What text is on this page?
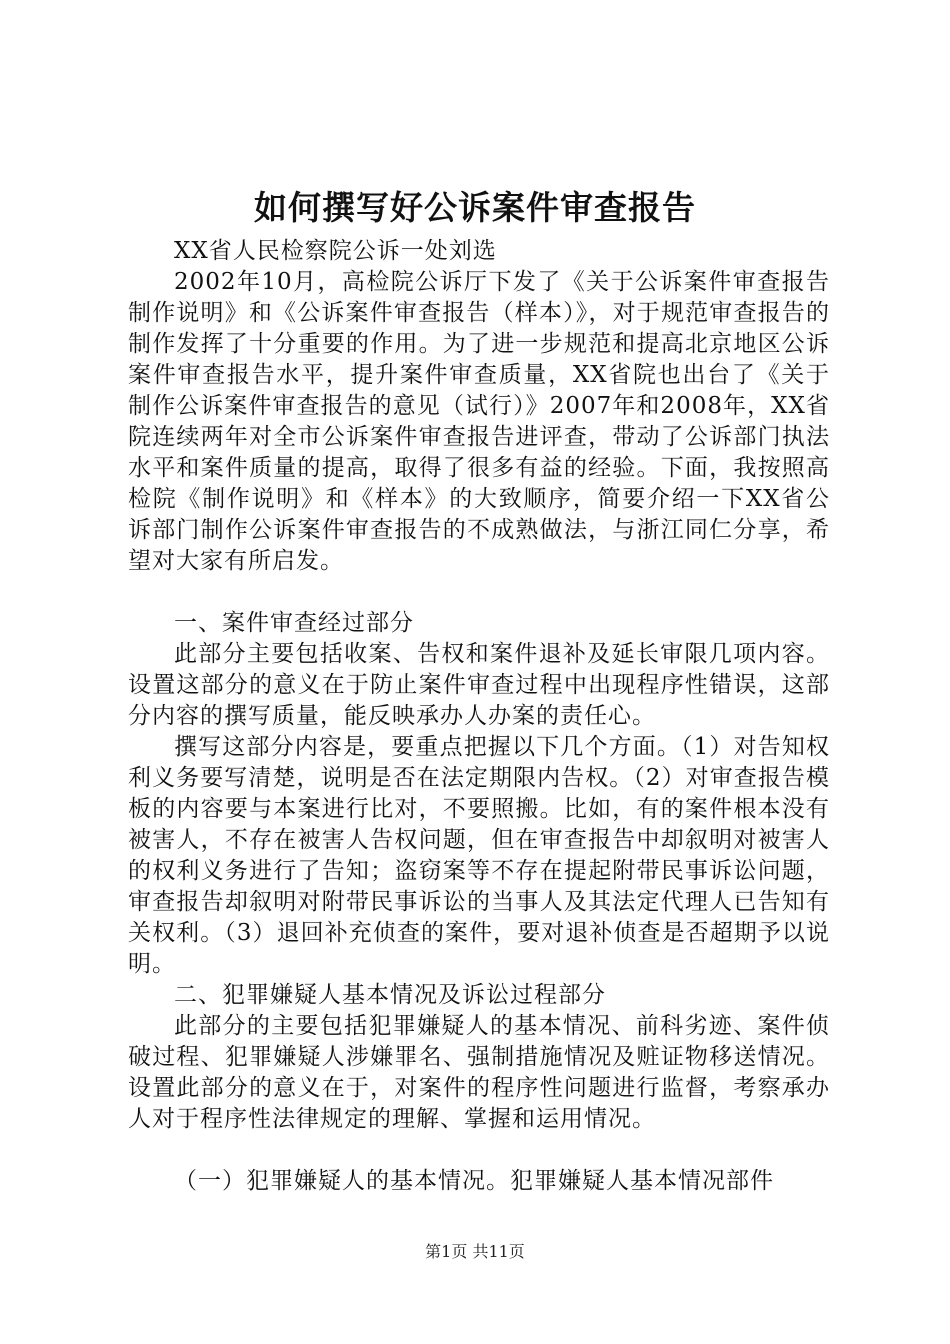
如何撰写好公诉案件审查报告

XX省人民检察院公诉一处刘选

2002年10月，高检院公诉厅下发了《关于公诉案件审查报告制作说明》和《公诉案件审查报告（样本）》，对于规范审查报告的制作发挥了十分重要的作用。为了进一步规范和提高北京地区公诉案件审查报告水平，提升案件审查质量，XX省院也出台了《关于制作公诉案件审查报告的意见（试行）》2007年和2008年，XX省院连续两年对全市公诉案件审查报告进评查，带动了公诉部门执法水平和案件质量的提高，取得了很多有益的经验。下面，我按照高检院《制作说明》和《样本》的大致顺序，简要介绍一下XX省公诉部门制作公诉案件审查报告的不成熟做法，与浙江同仁分享，希望对大家有所启发。

一、案件审查经过部分

此部分主要包括收案、告权和案件退补及延长审限几项内容。设置这部分的意义在于防止案件审查过程中出现程序性错误，这部分内容的撰写质量，能反映承办人办案的责任心。

撰写这部分内容是，要重点把握以下几个方面。（1）对告知权利义务要写清楚，说明是否在法定期限内告权。（2）对审查报告模板的内容要与本案进行比对，不要照搬。比如，有的案件根本没有被害人，不存在被害人告权问题，但在审查报告中却叙明对被害人的权利义务进行了告知；盗窃案等不存在提起附带民事诉讼问题，审查报告却叙明对附带民事诉讼的当事人及其法定代理人已告知有关权利。（3）退回补充侦查的案件，要对退补侦查是否超期予以说明。

二、犯罪嫌疑人基本情况及诉讼过程部分

此部分的主要包括犯罪嫌疑人的基本情况、前科劣迹、案件侦破过程、犯罪嫌疑人涉嫌罪名、强制措施情况及赃证物移送情况。设置此部分的意义在于，对案件的程序性问题进行监督，考察承办人对于程序性法律规定的理解、掌握和运用情况。

（一）犯罪嫌疑人的基本情况。犯罪嫌疑人基本情况部件

第1页 共11页
